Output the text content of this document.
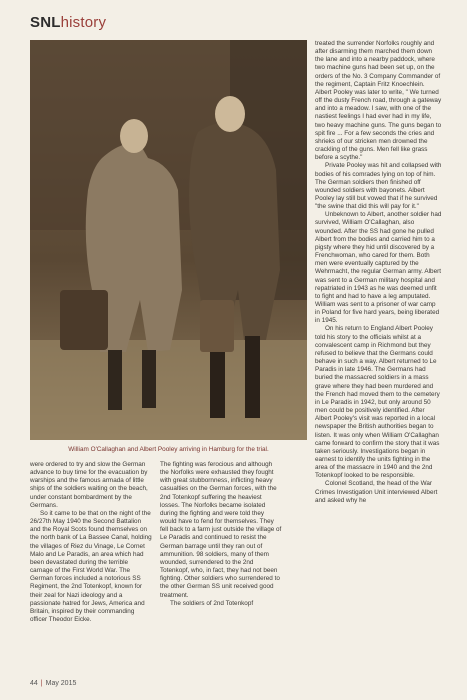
SNLhistory
William O'Callaghan and Albert Pooley arriving in Hamburg for the trial.

treated the surrender Norfolks roughly and after disarming them marched them down the lane and into a nearby paddock, where two machine guns had been set up, on the orders of the No. 3 Company Commander of the regiment, Captain Fritz Knoechlein. Albert Pooley was later to write, " We turned off the dusty French road, through a gateway and into a meadow. I saw, with one of the nastiest feelings I had ever had in my life, two heavy machine guns. The guns began to spit fire ... For a few seconds the cries and shrieks of our stricken men drowned the crackling of the guns. Men fell like grass before a scythe."

Private Pooley was hit and collapsed with bodies of his comrades lying on top of him. The German soldiers then finished off wounded soldiers with bayonets. Albert Pooley lay still but vowed that if he survived "the swine that did this will pay for it."

Unbeknown to Albert, another soldier had survived, William O'Callaghan, also wounded. After the SS had gone he pulled Albert from the bodies and carried him to a pigsty where they hid until discovered by a Frenchwoman, who cared for them. Both men were eventually captured by the Wehrmacht, the regular German army. Albert was sent to a German military hospital and repatriated in 1943 as he was deemed unfit to fight and had to have a leg amputated. William was sent to a prisoner of war camp in Poland for five hard years, being liberated in 1945.

On his return to England Albert Pooley told his story to the officials whilst at a convalescent camp in Richmond but they refused to believe that the Germans could behave in such a way. Albert returned to Le Paradis in late 1946. The Germans had buried the massacred soldiers in a mass grave where they had been murdered and the French had moved them to the cemetery in Le Paradis in 1942, but only around 50 men could be positively identified. After Albert Pooley's visit was reported in a local newspaper the British authorities began to listen. It was only when William O'Callaghan came forward to confirm the story that it was taken seriously. Investigations began in earnest to identify the units fighting in the area of the massacre in 1940 and the 2nd Totenkopf looked to be responsible.

Colonel Scotland, the head of the War Crimes Investigation Unit interviewed Albert and asked why he

were ordered to try and slow the German advance to buy time for the evacuation by warships and the famous armada of little ships of the soldiers waiting on the beach, under constant bombardment by the Germans.

So it came to be that on the night of the 26/27th May 1940 the Second Battalion and the Royal Scots found themselves on the north bank of La Bassee Canal, holding the villages of Riez du Vinage, Le Cornet Malo and Le Paradis, an area which had been devastated during the terrible carnage of the First World War. The German forces included a notorious SS Regiment, the 2nd Totenkopf, known for their zeal for Nazi ideology and a passionate hatred for Jews, America and Britain, inspired by their commanding officer Theodor Eicke.

The fighting was ferocious and although the Norfolks were exhausted they fought with great stubbornness, inflicting heavy casualties on the German forces, with the 2nd Totenkopf suffering the heaviest losses. The Norfolks became isolated during the fighting and were told they would have to fend for themselves. They fell back to a farm just outside the village of Le Paradis and continued to resist the German barrage until they ran out of ammunition. 98 soldiers, many of them wounded, surrendered to the 2nd Totenkopf, who, in fact, they had not been fighting. Other soldiers who surrendered to the other German SS unit received good treatment.

The soldiers of 2nd Totenkopf

44 | May 2015
